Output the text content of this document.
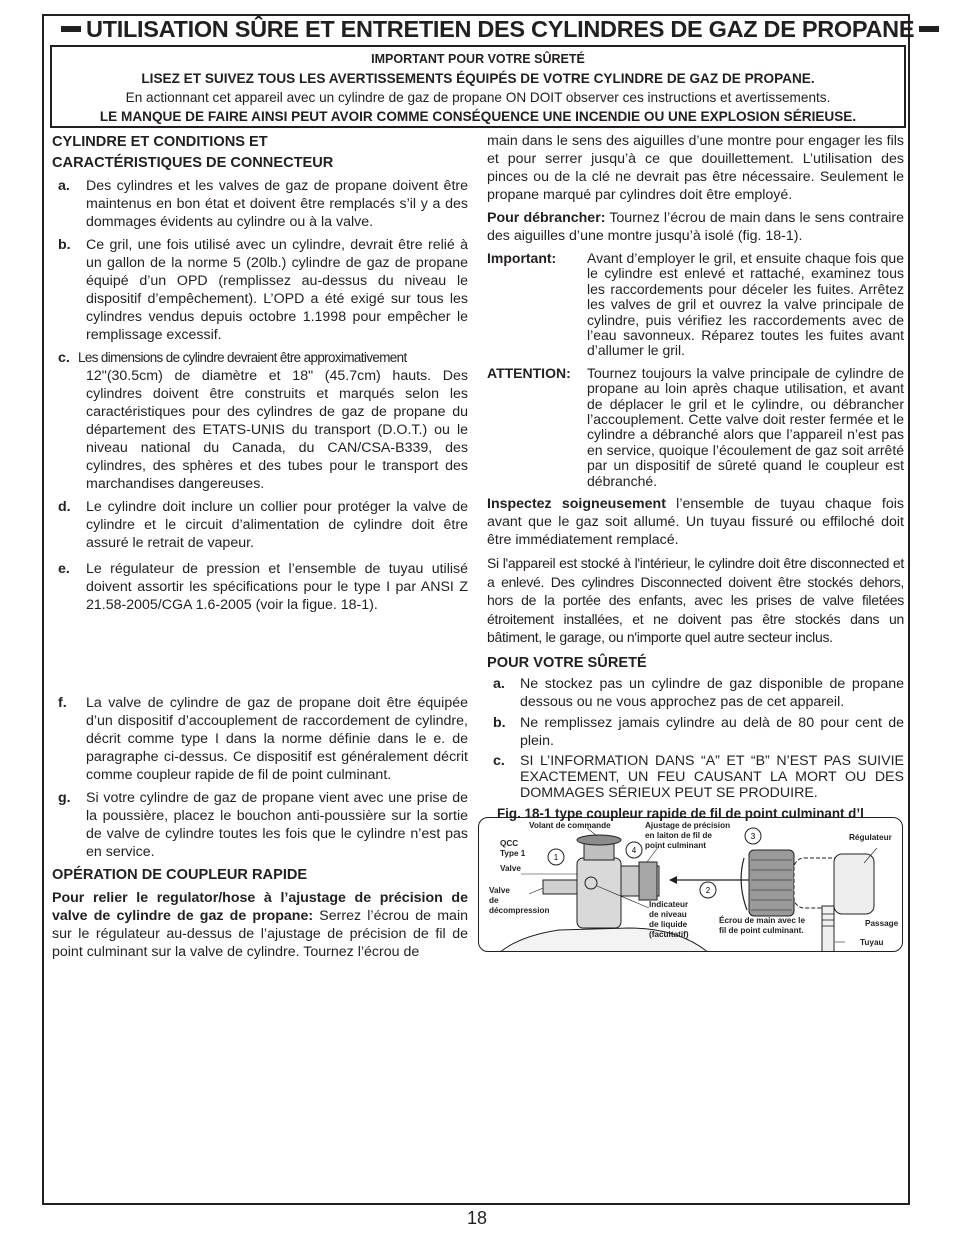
UTILISATION SÛRE ET ENTRETIEN DES CYLINDRES DE GAZ DE PROPANE
IMPORTANT POUR VOTRE SÛRETÉ
LISEZ ET SUIVEZ TOUS LES AVERTISSEMENTS ÉQUIPÉS DE VOTRE CYLINDRE DE GAZ DE PROPANE.
En actionnant cet appareil avec un cylindre de gaz de propane ON DOIT observer ces instructions et avertissements.
LE MANQUE DE FAIRE AINSI PEUT AVOIR COMME CONSÉQUENCE UNE INCENDIE OU UNE EXPLOSION SÉRIEUSE.
CYLINDRE ET CONDITIONS ET
CARACTÉRISTIQUES DE CONNECTEUR
a. Des cylindres et les valves de gaz de propane doivent être maintenus en bon état et doivent être remplacés s’il y a des dommages évidents au cylindre ou à la valve.
b. Ce gril, une fois utilisé avec un cylindre, devrait être relié à un gallon de la norme 5 (20lb.) cylindre de gaz de propane équipé d’un OPD (remplissez au-dessus du niveau le dispositif d’empêchement). L’OPD a été exigé sur tous les cylindres vendus depuis octobre 1.1998 pour empêcher le remplissage excessif.
c. Les dimensions de cylindre devraient être approximativement
12"(30.5cm) de diamètre et 18" (45.7cm) hauts. Des cylindres doivent être construits et marqués selon les caractéristiques pour des cylindres de gaz de propane du département des ETATS-UNIS du transport (D.O.T.) ou le niveau national du Canada, du CAN/CSA-B339, des cylindres, des sphères et des tubes pour le transport des marchandises dangereuses.
d. Le cylindre doit inclure un collier pour protéger la valve de cylindre et le circuit d’alimentation de cylindre doit être assuré le retrait de vapeur.
e. Le régulateur de pression et l’ensemble de tuyau utilisé doivent assortir les spécifications pour le type I par ANSI Z 21.58-2005/CGA 1.6-2005 (voir la figue. 18-1).
f. La valve de cylindre de gaz de propane doit être équipée d’un dispositif d’accouplement de raccordement de cylindre, décrit comme type I dans la norme définie dans le e. de paragraphe ci-dessus. Ce dispositif est généralement décrit comme coupleur rapide de fil de point culminant.
g. Si votre cylindre de gaz de propane vient avec une prise de la poussière, placez le bouchon anti-poussière sur la sortie de valve de cylindre toutes les fois que le cylindre n’est pas en service.
OPÉRATION DE COUPLEUR RAPIDE

Pour relier le regulator/hose à l’ajustage de précision de valve de cylindre de gaz de propane: Serrez l’écrou de main sur le régulateur au-dessus de l’ajustage de précision de fil de point culminant sur la valve de cylindre. Tournez l’écrou de

main dans le sens des aiguilles d’une montre pour engager les fils et pour serrer jusqu’à ce que douillettement. L’utilisation des pinces ou de la clé ne devrait pas être nécessaire. Seulement le propane marqué par cylindres doit être employé.

Pour débrancher: Tournez l’écrou de main dans le sens contraire des aiguilles d’une montre jusqu’à isolé (fig. 18-1).

Important: Avant d’employer le gril, et ensuite chaque fois que le cylindre est enlevé et rattaché, examinez tous les raccordements pour déceler les fuites. Arrêtez les valves de gril et ouvrez la valve principale de cylindre, puis vérifiez les raccordements avec de l’eau savonneux. Réparez toutes les fuites avant d’allumer le gril.
ATTENTION: Tournez toujours la valve principale de cylindre de propane au loin après chaque utilisation, et avant de déplacer le gril et le cylindre, ou débrancher l’accouplement. Cette valve doit rester fermée et le cylindre a débranché alors que l’appareil n’est pas en service, quoique l’écoulement de gaz soit arrêté par un dispositif de sûreté quand le coupleur est débranché.

Inspectez soigneusement l’ensemble de tuyau chaque fois avant que le gaz soit allumé. Un tuyau fissuré ou effiloché doit être immédiatement remplacé.

Si l'appareil est stocké à l'intérieur, le cylindre doit être disconnected et a enlevé. Des cylindres Disconnected doivent être stockés dehors, hors de la portée des enfants, avec les prises de valve filetées étroitement installées, et ne doivent pas être stockés dans un bâtiment, le garage, ou n'importe quel autre secteur inclus.

POUR VOTRE SÛRETÉ
a. Ne stockez pas un cylindre de gaz disponible de propane dessous ou ne vous approchez pas de cet appareil.
b. Ne remplissez jamais cylindre au delà de 80 pour cent de plein.
c. SI L’INFORMATION DANS “A” ET “B” N’EST PAS SUIVIE EXACTEMENT, UN FEU CAUSANT LA MORT OU DES DOMMAGES SÉRIEUX PEUT SE PRODUIRE.
Fig. 18-1 type coupleur rapide de fil de point culminant d’l
1
2
3
4
Volant de commande	Ajustage de précision
en laiton de fil de
point culminant
QCC
Type 1
Valve
Valve
de
décompression
Indicateur
de niveau
de liquide
(facultatif)
Écrou de main avec le
fil de point culminant.
Régulateur
Passage
Tuyau
18
